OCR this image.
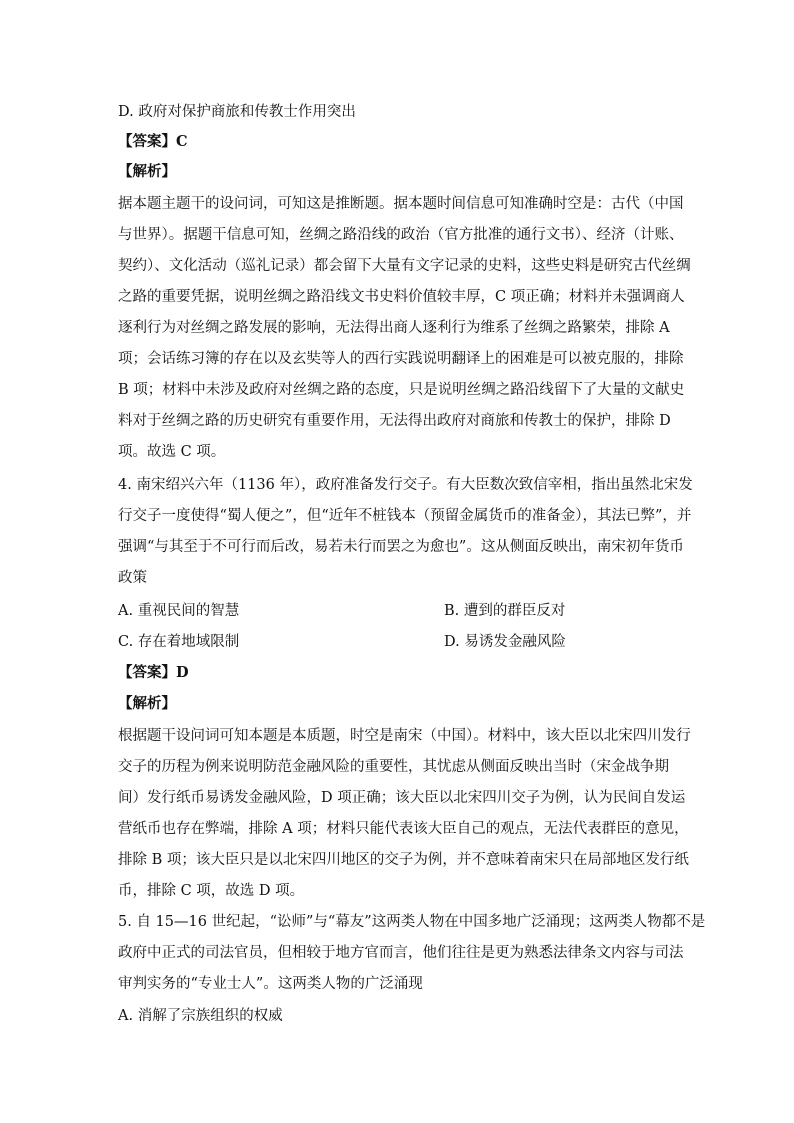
D. 政府对保护商旅和传教士作用突出
【答案】C
【解析】
据本题主题干的设问词，可知这是推断题。据本题时间信息可知准确时空是：古代（中国
与世界）。据题干信息可知，丝绸之路沿线的政治（官方批准的通行文书）、经济（计账、
契约）、文化活动（巡礼记录）都会留下大量有文字记录的史料，这些史料是研究古代丝绸
之路的重要凭据，说明丝绸之路沿线文书史料价值较丰厚，C 项正确；材料并未强调商人
逐利行为对丝绸之路发展的影响，无法得出商人逐利行为维系了丝绸之路繁荣，排除 A
项；会话练习簿的存在以及玄奘等人的西行实践说明翻译上的困难是可以被克服的，排除
B 项；材料中未涉及政府对丝绸之路的态度，只是说明丝绸之路沿线留下了大量的文献史
料对于丝绸之路的历史研究有重要作用，无法得出政府对商旅和传教士的保护，排除 D
项。故选 C 项。
4. 南宋绍兴六年（1136 年），政府准备发行交子。有大臣数次致信宰相，指出虽然北宋发
行交子一度使得“蜀人便之”，但“近年不桩钱本（预留金属货币的准备金），其法已弊”，并
强调“与其至于不可行而后改，易若未行而罢之为愈也”。这从侧面反映出，南宋初年货币
政策
A. 重视民间的智慧	B. 遭到的群臣反对
C. 存在着地域限制	D. 易诱发金融风险
【答案】D
【解析】
根据题干设问词可知本题是本质题，时空是南宋（中国）。材料中，该大臣以北宋四川发行
交子的历程为例来说明防范金融风险的重要性，其忧虑从侧面反映出当时（宋金战争期
间）发行纸币易诱发金融风险，D 项正确；该大臣以北宋四川交子为例，认为民间自发运
营纸币也存在弊端，排除 A 项；材料只能代表该大臣自己的观点，无法代表群臣的意见，
排除 B 项；该大臣只是以北宋四川地区的交子为例，并不意味着南宋只在局部地区发行纸
币，排除 C 项，故选 D 项。
5. 自 15—16 世纪起，“讼师”与“幕友”这两类人物在中国多地广泛涌现；这两类人物都不是
政府中正式的司法官员，但相较于地方官而言，他们往往是更为熟悉法律条文内容与司法
审判实务的“专业士人”。这两类人物的广泛涌现
A. 消解了宗族组织的权威
